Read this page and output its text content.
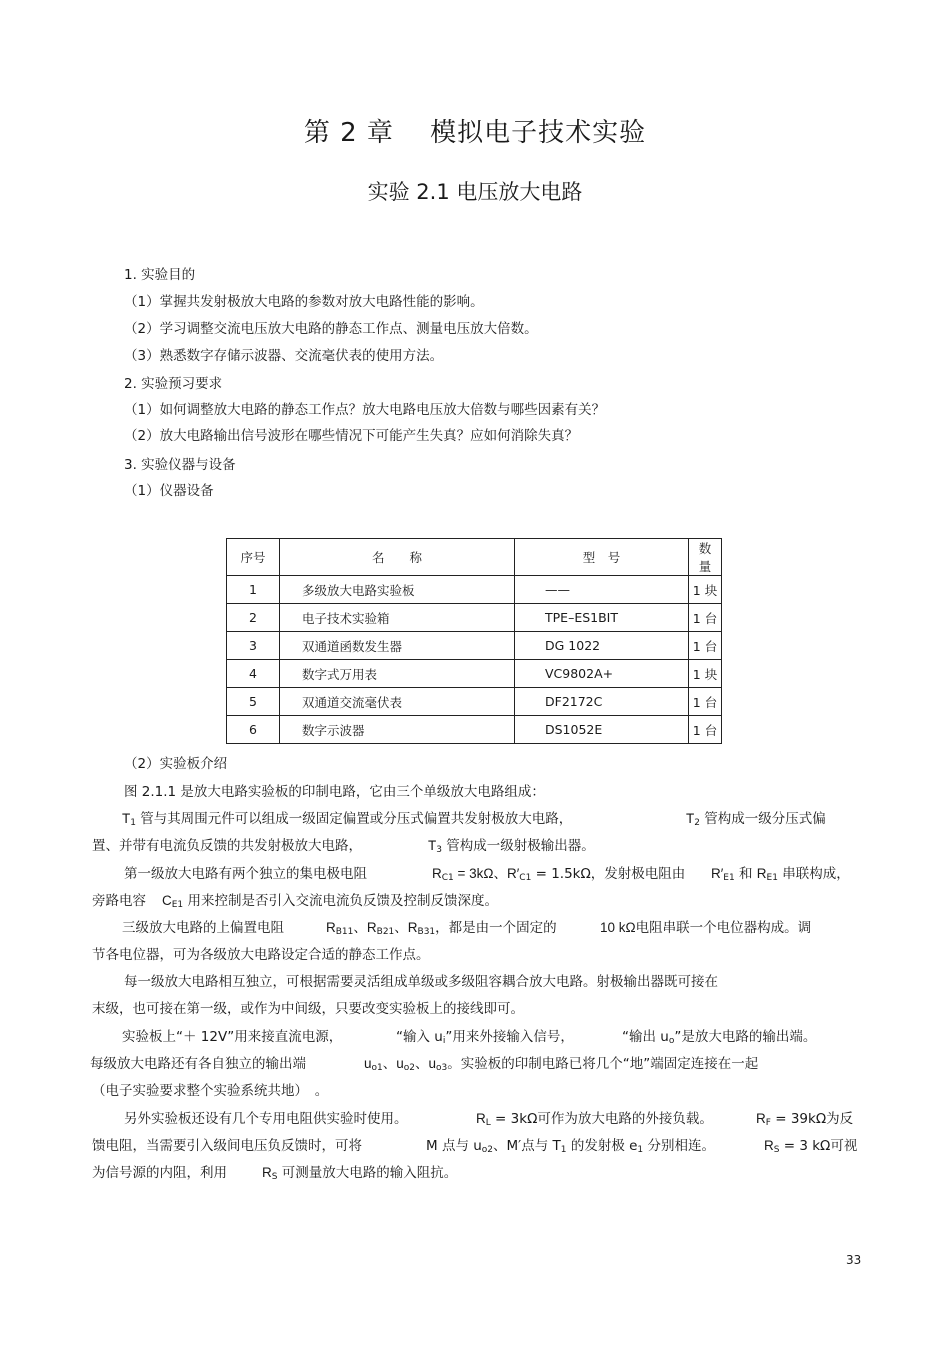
第 2 章　 模拟电子技术实验
实验 2.1 电压放大电路
1. 实验目的
（1）掌握共发射极放大电路的参数对放大电路性能的影响。
（2）学习调整交流电压放大电路的静态工作点、测量电压放大倍数。
（3）熟悉数字存储示波器、交流毫伏表的使用方法。
2. 实验预习要求
（1）如何调整放大电路的静态工作点？放大电路电压放大倍数与哪些因素有关？
（2）放大电路输出信号波形在哪些情况下可能产生失真？应如何消除失真？
3. 实验仪器与设备
（1）仪器设备
序号	名　　称	型　号	数　量
1	多级放大电路实验板	——	1 块
2	电子技术实验箱	TPE–ES1BIT	1 台
3	双通道函数发生器	DG 1022	1 台
4	数字式万用表	VC9802A+	1 块
5	双通道交流毫伏表	DF2172C	1 台
6	数字示波器	DS1052E	1 台
（2）实验板介绍
图 2.1.1 是放大电路实验板的印制电路，它由三个单级放大电路组成：
$T_1$ 管与其周围元件可以组成一级固定偏置或分压式偏置共发射极放大电路，	$T_2$ 管构成一级分压式偏
置、并带有电流负反馈的共发射极放大电路，	$T_3$ 管构成一级射极输出器。
第一级放大电路有两个独立的集电极电阻	$R_{C1} = 3k\Omega$、$R'_{C1} = 1.5k\Omega$，发射极电阻由 $R'_{E1}$ 和 $R_{E1}$ 串联构成，
旁路电容 $C_{E1}$ 用来控制是否引入交流电流负反馈及控制反馈深度。
三级放大电路的上偏置电阻	$R_{B11}$、$R_{B21}$、$R_{B31}$，都是由一个固定的	10 kΩ电阻串联一个电位器构成。调
节各电位器，可为各级放大电路设定合适的静态工作点。
每一级放大电路相互独立，可根据需要灵活组成单级或多级阻容耦合放大电路。射极输出器既可接在
末级，也可接在第一级，或作为中间级，只要改变实验板上的接线即可。
实验板上“＋ 12V”用来接直流电源，	“输入 $u_i$”用来外接输入信号，	“输出 $u_o$”是放大电路的输出端。
每级放大电路还有各自独立的输出端	$u_{o1}$、$u_{o2}$、$u_{o3}$。实验板的印制电路已将几个“地”端固定连接在一起
（电子实验要求整个实验系统共地）　。
另外实验板还设有几个专用电阻供实验时使用。	$R_L = 3k\Omega$可作为放大电路的外接负载。	$R_F = 39k\Omega$为反
馈电阻，当需要引入级间电压负反馈时，可将	M 点与 $u_{o2}$、M′点与 $T_1$ 的发射极 $e_1$ 分别相连。	$R_S = 3$ kΩ可视
为信号源的内阻，利用	$R_S$ 可测量放大电路的输入阻抗。
33
